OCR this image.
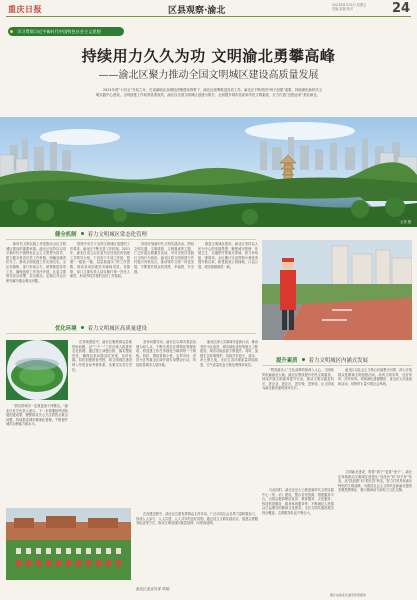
重庆日报	区县观察·渝北
2023年8月25日 星期五
责编 组版 校对	24
学习贯彻习近平新时代中国特色社会主义思想
持续用力久久为功 文明渝北勇攀高峰
——渝北区聚力推动全国文明城区建设高质量发展
2021年度“十四五”开局之年，在成渝地区双城经济圈建设背景下，渝北区统筹推进各项工作。渝北区不断巩固“两个创建”成果，持续深化新时代文明实践中心建设，文明创建工作取得显著成效。渝北以全国文明城区创建为抓手，全面提升城市品质和市民文明素质，全力打造“近悦远来”美好渝北。
记者 摄
健全机制 着力文明城区常态化管理
新时代文明实践工作是推动全区文明城区建设的重要举措。渝北区坚持以习近平新时代中国特色社会主义思想为指导，建立健全常态长效工作机制，明确各级责任分工，推动文明创建工作走深走实。全区各镇街、部门形成合力，统筹推进各项工作，确保创建工作有序开展。区委主要领导亲自部署、亲自推动，定期召开会议研究解决重点难点问题。
按照中央关于全国文明城区创建的工作要求，渝北区不断完善工作机制。2021年，渝北区成立由区委书记任组长的创建工作领导小组，下设若干专项工作组，按照“一级抓一级、层层抓落实”的工作思路，推动各项创建任务落地见效。各镇街、部门主要负责人切实履行第一责任人职责，形成齐抓共管的良好工作格局。
持续开展新时代文明实践活动，围绕文明交通、文明旅游、文明餐桌等主题，广泛开展志愿服务活动，引导市民自觉践行文明行为规范。渝北区将文明创建与乡村振兴有机结合，推动城乡文明一体化发展，不断提升群众获得感、幸福感、安全感。
推进文明城区建设，渝北区坚持以人民为中心的发展思想，聚焦城市管理、环境卫生、交通秩序等重点领域，着力补短板、强弱项。全区累计完成背街小巷改造提升数百条，新建改造公园绿地、口袋公园，城市面貌焕然一新。
优化环境 着力文明城区高质量建设
在持续推进中，渝北区聚焦群众急难愁盼问题，以“三个一”工作法深入推进常态化管理。通过建立问题台账、落实整改责任，确保各类问题及时发现、及时处置。同时加强督查考核，将文明城区建设纳入年度目标考核体系，压紧压实各方责任。
坚持问题导向，渝北区以城市基层治理为切入点，不断完善社区网格化管理体系，将创建工作任务细化分解到每一个网格。同时，围绕背街小巷、农贸市场、老旧小区等重点区域开展专项整治行动，持续改善城市人居环境。
渝北区深入实施城市更新行动，推动老旧小区改造、城市绿化美化等重点工程建设，城市功能品质不断提升。同时，加强生态环境保护，持续打好蓝天、碧水、净土保卫战，全区生态环境质量持续改善，空气质量优良天数比例保持高位。
“我们的城市一定要更加干净整洁。”渝北区有关负责人表示，下一步将继续巩固拓展创建成果，聚焦群众关心关注的热点难点问题，持续推进城市精细化管理，不断提升城市治理能力和水平。
在创建过程中，渝北区注重发挥群众主体作用，广泛动员社会各界力量积极参与，形成人人参与、人人共建、人人共享的良好氛围。通过设立文明实践站点、组建志愿服务队伍等方式，推动文明创建向基层延伸、向家庭延伸。
渝北区委宣传部 供稿
提升素质 着力文明城区内涵式发展
“赞赏渝北人”文化品牌持续深入人心，文明新风吹遍渝北大地。渝北区围绕提升市民文明素质，持续开展文明素养提升行动，推动文明实践进机关、进企业、进社区、进学校、进家庭，让文明成为渝北最亮丽的城市名片。
渝北区以社会主义核心价值观为引领，深入开展群众性精神文明创建活动，培育文明乡风、良好家风、淳朴民风。持续深化道德模范、身边好人评选表彰活动，用榜样力量引领社会风尚。
文明渝北建设，既要“面子”更要“里子”。渝北区持续推动文明城区创建从“有没有”向“好不好”转变，从“抓创建”向“抓长效”转变，努力打造具有渝北特色的文明品牌，为建设社会主义现代化新渝北提供坚强思想保证、强大精神动力和有力文化支撑。
与此同时，渝北区还大力推进新时代文明实践中心（所、站）建设，整合各类资源，搭建服务平台，为群众提供理论宣讲、教育服务、文化服务、科技科普服务、健身体育服务等，不断满足人民群众日益增长的精神文化需求。全区文明实践阵地实现全覆盖，志愿服务队伍不断壮大。
图片由渝北区委宣传部提供
